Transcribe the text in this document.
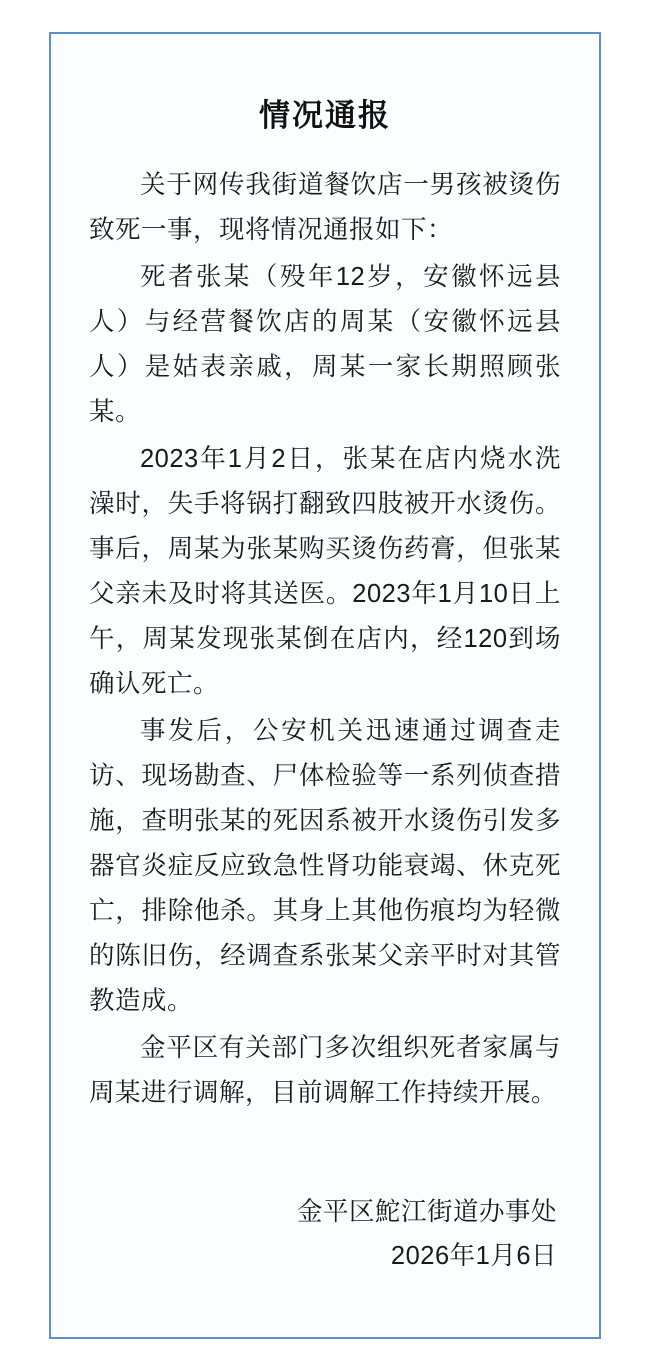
情况通报

关于网传我街道餐饮店一男孩被烫伤致死一事，现将情况通报如下：

死者张某（殁年12岁，安徽怀远县人）与经营餐饮店的周某（安徽怀远县人）是姑表亲戚，周某一家长期照顾张某。

2023年1月2日，张某在店内烧水洗澡时，失手将锅打翻致四肢被开水烫伤。事后，周某为张某购买烫伤药膏，但张某父亲未及时将其送医。2023年1月10日上午，周某发现张某倒在店内，经120到场确认死亡。

事发后，公安机关迅速通过调查走访、现场勘查、尸体检验等一系列侦查措施，查明张某的死因系被开水烫伤引发多器官炎症反应致急性肾功能衰竭、休克死亡，排除他杀。其身上其他伤痕均为轻微的陈旧伤，经调查系张某父亲平时对其管教造成。

金平区有关部门多次组织死者家属与周某进行调解，目前调解工作持续开展。

金平区鮀江街道办事处
2026年1月6日
